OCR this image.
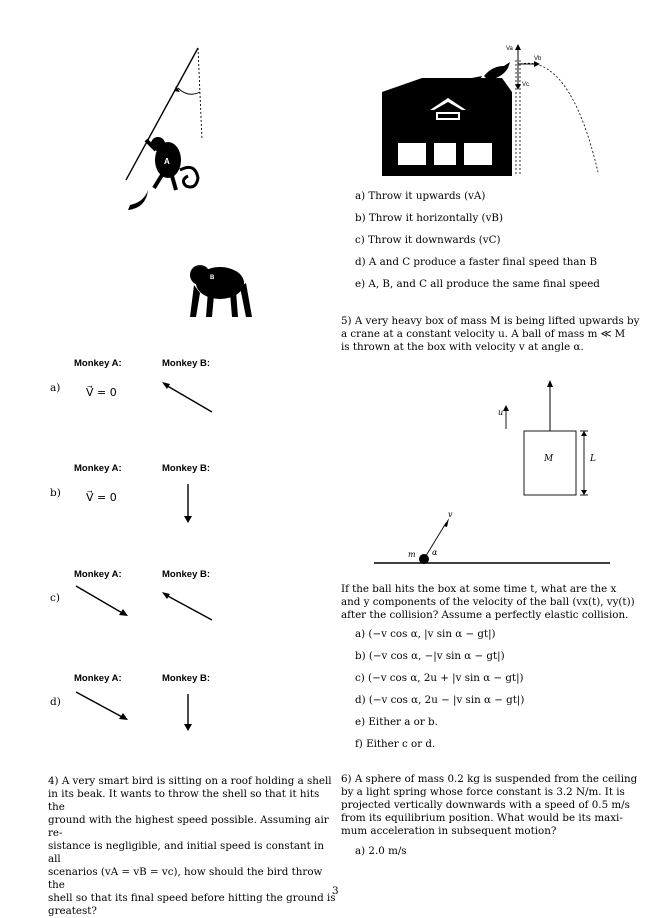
A
B
Monkey A:	Monkey B:
a) V⃗ = 0
Monkey A:	Monkey B:
b) V⃗ = 0
Monkey A:	Monkey B:
c)
Monkey A:	Monkey B:
d)
4) A very smart bird is sitting on a roof holding a shell
in its beak. It wants to throw the shell so that it hits the
ground with the highest speed possible. Assuming air re-
sistance is negligible, and initial speed is constant in all
scenarios (vA = vB = vc), how should the bird throw the
shell so that its final speed before hitting the ground is
greatest?
Va
Vb
Vc
a) Throw it upwards (vA)
b) Throw it horizontally (vB)
c) Throw it downwards (vC)
d) A and C produce a faster final speed than B
e) A, B, and C all produce the same final speed
5) A very heavy box of mass M is being lifted upwards by
a crane at a constant velocity u. A ball of mass m ≪ M
is thrown at the box with velocity v at angle α.
u
M	L
m α
v
If the ball hits the box at some time t, what are the x
and y components of the velocity of the ball (vx(t), vy(t))
after the collision? Assume a perfectly elastic collision.
a) (−v cos α, |v sin α − gt|)
b) (−v cos α, −|v sin α − gt|)
c) (−v cos α, 2u + |v sin α − gt|)
d) (−v cos α, 2u − |v sin α − gt|)
e) Either a or b.
f) Either c or d.
6) A sphere of mass 0.2 kg is suspended from the ceiling
by a light spring whose force constant is 3.2 N/m. It is
projected vertically downwards with a speed of 0.5 m/s
from its equilibrium position. What would be its maxi-
mum acceleration in subsequent motion?
a) 2.0 m/s
3
